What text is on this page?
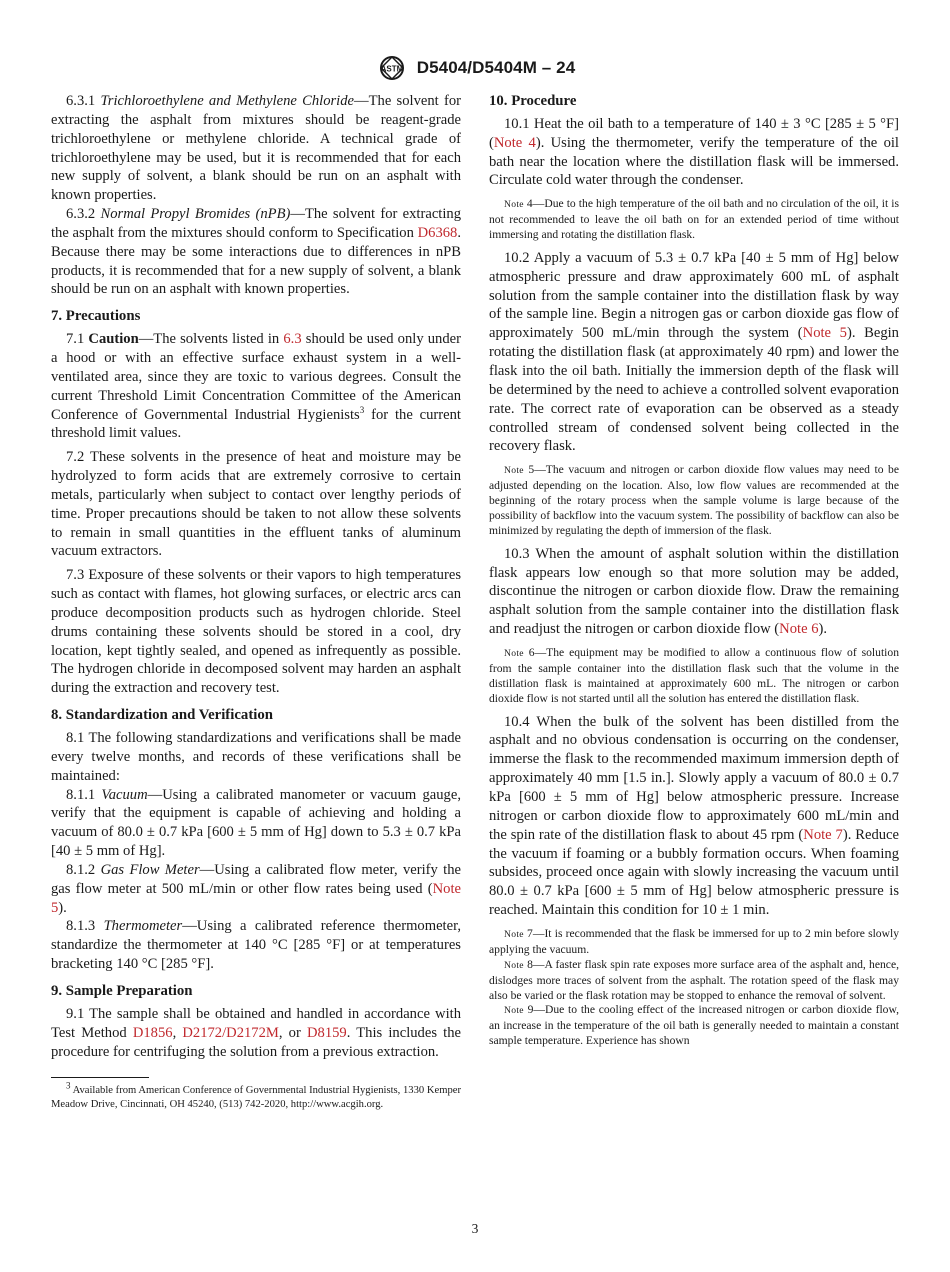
ASTM D5404/D5404M – 24

6.3.1 Trichloroethylene and Methylene Chloride—The solvent for extracting the asphalt from mixtures should be reagent-grade trichloroethylene or methylene chloride. A technical grade of trichloroethylene may be used, but it is recommended that for each new supply of solvent, a blank should be run on an asphalt with known properties.

6.3.2 Normal Propyl Bromides (nPB)—The solvent for extracting the asphalt from the mixtures should conform to Specification D6368. Because there may be some interactions due to differences in nPB products, it is recommended that for a new supply of solvent, a blank should be run on an asphalt with known properties.

7. Precautions

7.1 Caution—The solvents listed in 6.3 should be used only under a hood or with an effective surface exhaust system in a well-ventilated area, since they are toxic to various degrees. Consult the current Threshold Limit Concentration Committee of the American Conference of Governmental Industrial Hygienists$^3$ for the current threshold limit values.

7.2 These solvents in the presence of heat and moisture may be hydrolyzed to form acids that are extremely corrosive to certain metals, particularly when subject to contact over lengthy periods of time. Proper precautions should be taken to not allow these solvents to remain in small quantities in the effluent tanks of aluminum vacuum extractors.

7.3 Exposure of these solvents or their vapors to high temperatures such as contact with flames, hot glowing surfaces, or electric arcs can produce decomposition products such as hydrogen chloride. Steel drums containing these solvents should be stored in a cool, dry location, kept tightly sealed, and opened as infrequently as possible. The hydrogen chloride in decomposed solvent may harden an asphalt during the extraction and recovery test.

8. Standardization and Verification

8.1 The following standardizations and verifications shall be made every twelve months, and records of these verifications shall be maintained:

8.1.1 Vacuum—Using a calibrated manometer or vacuum gauge, verify that the equipment is capable of achieving and holding a vacuum of 80.0 ± 0.7 kPa [600 ± 5 mm of Hg] down to 5.3 ± 0.7 kPa [40 ± 5 mm of Hg].

8.1.2 Gas Flow Meter—Using a calibrated flow meter, verify the gas flow meter at 500 mL/min or other flow rates being used (Note 5).

8.1.3 Thermometer—Using a calibrated reference thermometer, standardize the thermometer at 140 °C [285 °F] or at temperatures bracketing 140 °C [285 °F].

9. Sample Preparation

9.1 The sample shall be obtained and handled in accordance with Test Method D1856, D2172/D2172M, or D8159. This includes the procedure for centrifuging the solution from a previous extraction.

$^3$ Available from American Conference of Governmental Industrial Hygienists, 1330 Kemper Meadow Drive, Cincinnati, OH 45240, (513) 742-2020, http://www.acgih.org.

10. Procedure

10.1 Heat the oil bath to a temperature of 140 ± 3 °C [285 ± 5 °F] (Note 4). Using the thermometer, verify the temperature of the oil bath near the location where the distillation flask will be immersed. Circulate cold water through the condenser.

Note 4—Due to the high temperature of the oil bath and no circulation of the oil, it is not recommended to leave the oil bath on for an extended period of time without immersing and rotating the distillation flask.

10.2 Apply a vacuum of 5.3 ± 0.7 kPa [40 ± 5 mm of Hg] below atmospheric pressure and draw approximately 600 mL of asphalt solution from the sample container into the distillation flask by way of the sample line. Begin a nitrogen gas or carbon dioxide gas flow of approximately 500 mL/min through the system (Note 5). Begin rotating the distillation flask (at approximately 40 rpm) and lower the flask into the oil bath. Initially the immersion depth of the flask will be determined by the need to achieve a controlled solvent evaporation rate. The correct rate of evaporation can be observed as a steady controlled stream of condensed solvent being collected in the recovery flask.

Note 5—The vacuum and nitrogen or carbon dioxide flow values may need to be adjusted depending on the location. Also, low flow values are recommended at the beginning of the rotary process when the sample volume is large because of the possibility of backflow into the vacuum system. The possibility of backflow can also be minimized by regulating the depth of immersion of the flask.

10.3 When the amount of asphalt solution within the distillation flask appears low enough so that more solution may be added, discontinue the nitrogen or carbon dioxide flow. Draw the remaining asphalt solution from the sample container into the distillation flask and readjust the nitrogen or carbon dioxide flow (Note 6).

Note 6—The equipment may be modified to allow a continuous flow of solution from the sample container into the distillation flask such that the volume in the distillation flask is maintained at approximately 600 mL. The nitrogen or carbon dioxide flow is not started until all the solution has entered the distillation flask.

10.4 When the bulk of the solvent has been distilled from the asphalt and no obvious condensation is occurring on the condenser, immerse the flask to the recommended maximum immersion depth of approximately 40 mm [1.5 in.]. Slowly apply a vacuum of 80.0 ± 0.7 kPa [600 ± 5 mm of Hg] below atmospheric pressure. Increase nitrogen or carbon dioxide flow to approximately 600 mL/min and the spin rate of the distillation flask to about 45 rpm (Note 7). Reduce the vacuum if foaming or a bubbly formation occurs. When foaming subsides, proceed once again with slowly increasing the vacuum until 80.0 ± 0.7 kPa [600 ± 5 mm of Hg] below atmospheric pressure is reached. Maintain this condition for 10 ± 1 min.

Note 7—It is recommended that the flask be immersed for up to 2 min before slowly applying the vacuum.

Note 8—A faster flask spin rate exposes more surface area of the asphalt and, hence, dislodges more traces of solvent from the asphalt. The rotation speed of the flask may also be varied or the flask rotation may be stopped to enhance the removal of solvent.

Note 9—Due to the cooling effect of the increased nitrogen or carbon dioxide flow, an increase in the temperature of the oil bath is generally needed to maintain a constant sample temperature. Experience has shown

3
